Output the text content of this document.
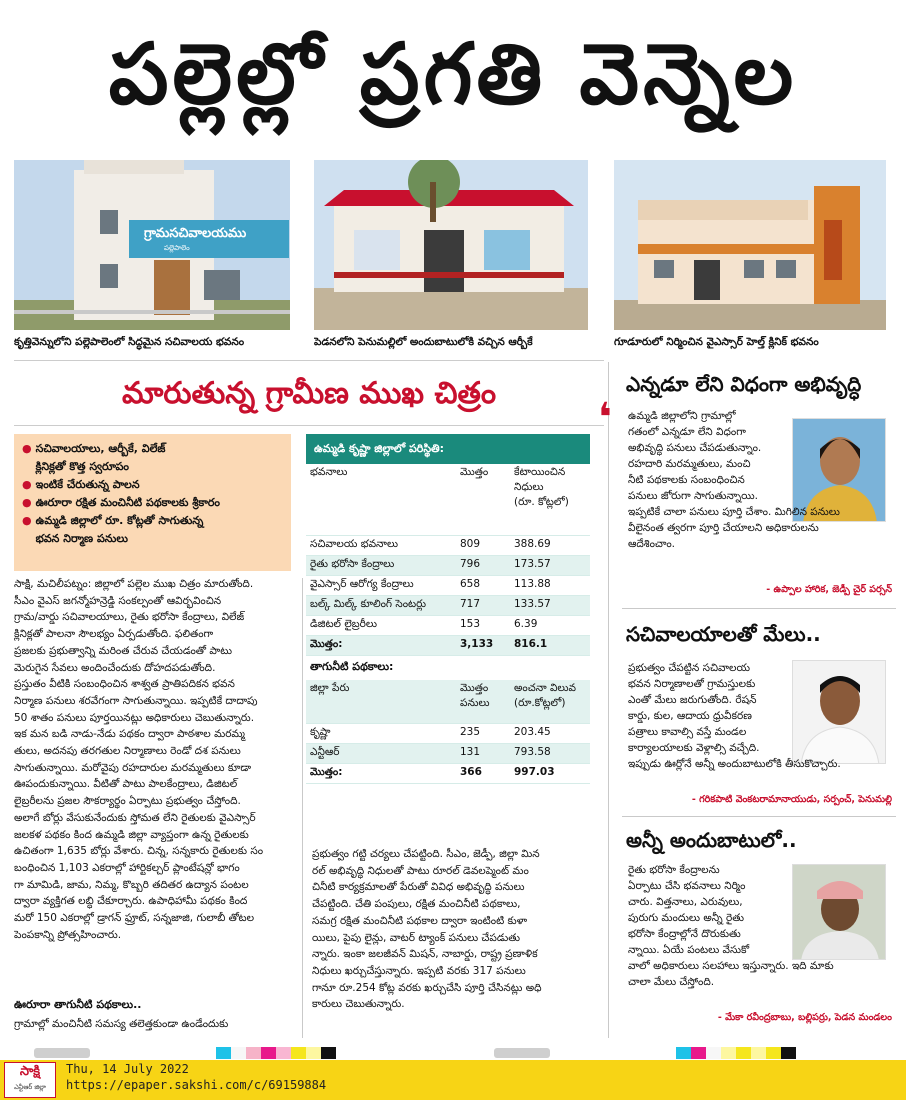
పల్లెల్లో ప్రగతి వెన్నెల
గ్రామసచివాలయము
పల్లెపాలెం
కృత్తివెన్నులోని పల్లెపాలెంలో సిద్ధమైన సచివాలయ భవనం	పెడనలోని పెనుమల్లిలో అందుబాటులోకి వచ్చిన ఆర్బీకే	గూడూరులో నిర్మించిన వైఎస్సార్ హెల్త్ క్లినిక్ భవనం
మారుతున్న గ్రామీణ ముఖ చిత్రం
● సచివాలయాలు, ఆర్బీకే, విలేజ్
క్లినిక్లతో కొత్త స్వరూపం
● ఇంటికే చేరుతున్న పాలన
● ఊరూరా రక్షిత మంచినీటి పథకాలకు శ్రీకారం
● ఉమ్మడి జిల్లాలో రూ. కోట్లతో సాగుతున్న
భవన నిర్మాణ పనులు
సాక్షి, మచిలీపట్నం: జిల్లాలో పల్లెల ముఖ చిత్రం మారుతోంది.
సీఎం వైఎస్ జగన్మోహన్రెడ్డి సంకల్పంతో ఆవిర్భవించిన
గ్రామ/వార్డు సచివాలయాలు, రైతు భరోసా కేంద్రాలు, విలేజ్
క్లినిక్లతో పాలనా సౌలభ్యం ఏర్పడుతోంది. ఫలితంగా
ప్రజలకు ప్రభుత్వాన్ని మరింత చేరువ చేయడంతో పాటు
మెరుగైన సేవలు అందించేందుకు దోహదపడుతోంది.
ప్రస్తుతం వీటికి సంబంధించిన శాశ్వత ప్రాతిపదికన భవన
నిర్మాణ పనులు శరవేగంగా సాగుతున్నాయి. ఇప్పటికే దాదాపు
50 శాతం పనులు పూర్తయినట్లు అధికారులు చెబుతున్నారు.
ఇక మన బడి నాడు-నేడు పథకం ద్వారా పాఠశాల మరమ్మ
తులు, అదనపు తరగతుల నిర్మాణాలు రెండో దశ పనులు
సాగుతున్నాయి. మరోవైపు రహదారుల మరమ్మతులు కూడా
ఊపందుకున్నాయి. వీటితో పాటు పాలకేంద్రాలు, డిజిటల్
లైబ్రరీలను ప్రజల సౌకర్యార్థం ఏర్పాటు ప్రభుత్వం చేస్తోంది.
అలాగే బోర్లు వేసుకునేందుకు స్తోమత లేని రైతులకు వైఎస్సార్
జలకళ పథకం కింద ఉమ్మడి జిల్లా వ్యాప్తంగా ఉన్న రైతులకు
ఉచితంగా 1,635 బోర్లు వేశారు. చిన్న, సన్నకారు రైతులకు సం
బంధించిన 1,103 ఎకరాల్లో హార్టికల్చర్ ప్లాంటేషన్లో భాగం
గా మామిడి, జామ, నిమ్మ, కొబ్బరి తదితర ఉద్యాన పంటల
ద్వారా వ్యక్తిగత లబ్ధి చేకూర్చారు. ఉపాధిహామీ పథకం కింద
మరో 150 ఎకరాల్లో డ్రాగన్ ఫ్రూట్, సన్నజాజి, గులాబీ తోటల
పెంపకాన్ని ప్రోత్సహించారు.
ఊరూరా తాగునీటి పథకాలు..
గ్రామాల్లో మంచినీటి సమస్య తలెత్తకుండా ఉండేందుకు
ఉమ్మడి కృష్ణా జిల్లాలో పరిస్థితి:
భవనాలు	మొత్తం	కేటాయించిన
నిధులు
(రూ. కోట్లలో)
సచివాలయ భవనాలు	809	388.69
రైతు భరోసా కేంద్రాలు	796	173.57
వైఎస్సార్ ఆరోగ్య కేంద్రాలు	658	113.88
బల్క్ మిల్క్ కూలింగ్ సెంటర్లు	717	133.57
డిజిటల్ లైబ్రరీలు	153	6.39
మొత్తం:	3,133	816.1
తాగునీటి పథకాలు:
జిల్లా పేరు	మొత్తం
పనులు
అంచనా విలువ
(రూ.కోట్లలో)
కృష్ణా	235	203.45
ఎన్టీఆర్	131	793.58
మొత్తం:	366	997.03
ప్రభుత్వం గట్టి చర్యలు చేపట్టింది. సీఎం, జెడ్పీ, జిల్లా మిన
రల్ అభివృద్ధి నిధులతో పాటు రూరల్ డెవలప్మెంట్ మం
చినీటి కార్యక్రమాలతో పేరుతో వివిధ అభివృద్ధి పనులు
చేపట్టింది. చేతి పంపులు, రక్షిత మంచినీటి పథకాలు,
సమగ్ర రక్షిత మంచినీటి పథకాల ద్వారా ఇంటింటి కుళా
యిలు, పైపు లైన్లు, వాటర్ ట్యాంక్ పనులు చేపడుతు
న్నారు. ఇంకా జలజీవన్ మిషన్, నాబార్డు, రాష్ట్ర ప్రణాళిక
నిధులు ఖర్చుచేస్తున్నారు. ఇప్పటి వరకు 317 పనులు
గానూ రూ.254 కోట్ల వరకు ఖర్చుచేసి పూర్తి చేసినట్లు అధి
కారులు చెబుతున్నారు.
ఎన్నడూ లేని విధంగా అభివృద్ధి
❛ ఉమ్మడి జిల్లాలోని గ్రామాల్లో
గతంలో ఎన్నడూ లేని విధంగా
అభివృద్ధి పనులు చేపడుతున్నాం.
రహదారి మరమ్మతులు, మంచి
నీటి పథకాలకు సంబంధించిన
పనులు జోరుగా సాగుతున్నాయి.
ఇప్పటికే చాలా పనులు పూర్తి చేశాం. మిగిలిన పనులు
వీలైనంత త్వరగా పూర్తి చేయాలని అధికారులను
ఆదేశించాం.
- ఉప్పాల హారిక, జెడ్పీ చైర్ పర్సన్
సచివాలయాలతో మేలు..
ప్రభుత్వం చేపట్టిన సచివాలయ
భవన నిర్మాణాలతో గ్రామస్తులకు
ఎంతో మేలు జరుగుతోంది. రేషన్
కార్డు, కుల, ఆదాయ ధ్రువీకరణ
పత్రాలు కావాల్సి వస్తే మండల
కార్యాలయాలకు వెళ్లాల్సి వచ్చేది.
ఇప్పుడు ఊర్లోనే అన్నీ అందుబాటులోకి తీసుకొచ్చారు.
- గరికపాటి వెంకటరామానాయుడు, సర్పంచ్, పెనుమల్లి
అన్నీ అందుబాటులో..
రైతు భరోసా కేంద్రాలను
ఏర్పాటు చేసి భవనాలు నిర్మిం
చారు. విత్తనాలు, ఎరువులు,
పురుగు మందులు అన్నీ రైతు
భరోసా కేంద్రాల్లోనే దొరుకుతు
న్నాయి. ఏయే పంటలు వేసుకో
వాలో అధికారులు సలహాలు ఇస్తున్నారు. ఇది మాకు
చాలా మేలు చేస్తోంది.
- మేకా రవీంద్రబాబు, బల్లిపర్రు, పెడన మండలం
సాక్షి
ఎన్టీఆర్ జిల్లా
Thu, 14 July 2022
https://epaper.sakshi.com/c/69159884
